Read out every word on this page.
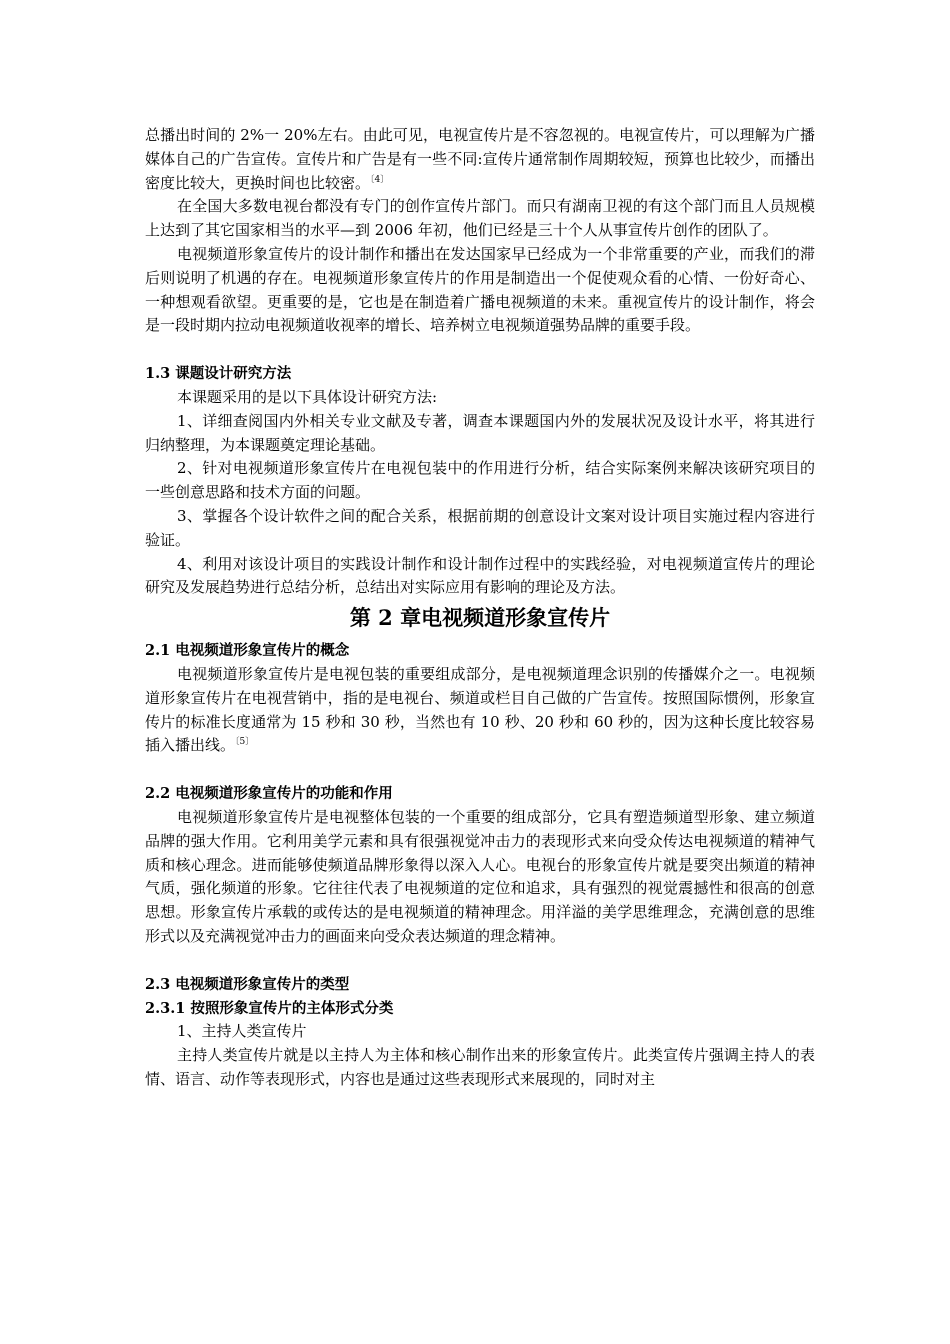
总播出时间的 2%一 20%左右。由此可见，电视宣传片是不容忽视的。电视宣传片，可以理解为广播媒体自己的广告宣传。宣传片和广告是有一些不同:宣传片通常制作周期较短，预算也比较少，而播出密度比较大，更换时间也比较密。$^{〔4〕}$

在全国大多数电视台都没有专门的创作宣传片部门。而只有湖南卫视的有这个部门而且人员规模上达到了其它国家相当的水平—到 2006 年初，他们已经是三十个人从事宣传片创作的团队了。

电视频道形象宣传片的设计制作和播出在发达国家早已经成为一个非常重要的产业，而我们的滞后则说明了机遇的存在。电视频道形象宣传片的作用是制造出一个促使观众看的心情、一份好奇心、一种想观看欲望。更重要的是，它也是在制造着广播电视频道的未来。重视宣传片的设计制作，将会是一段时期内拉动电视频道收视率的增长、培养树立电视频道强势品牌的重要手段。

1.3 课题设计研究方法

本课题采用的是以下具体设计研究方法:

1、详细查阅国内外相关专业文献及专著，调查本课题国内外的发展状况及设计水平，将其进行归纳整理，为本课题奠定理论基础。

2、针对电视频道形象宣传片在电视包装中的作用进行分析，结合实际案例来解决该研究项目的一些创意思路和技术方面的问题。

3、掌握各个设计软件之间的配合关系，根据前期的创意设计文案对设计项目实施过程内容进行验证。

4、利用对该设计项目的实践设计制作和设计制作过程中的实践经验，对电视频道宣传片的理论研究及发展趋势进行总结分析，总结出对实际应用有影响的理论及方法。

第 2 章电视频道形象宣传片
2.1 电视频道形象宣传片的概念

电视频道形象宣传片是电视包装的重要组成部分，是电视频道理念识别的传播媒介之一。电视频道形象宣传片在电视营销中，指的是电视台、频道或栏目自己做的广告宣传。按照国际惯例，形象宣传片的标准长度通常为 15 秒和 30 秒，当然也有 10 秒、20 秒和 60 秒的，因为这种长度比较容易插入播出线。$^{〔5〕}$

2.2 电视频道形象宣传片的功能和作用

电视频道形象宣传片是电视整体包装的一个重要的组成部分，它具有塑造频道型形象、建立频道品牌的强大作用。它利用美学元素和具有很强视觉冲击力的表现形式来向受众传达电视频道的精神气质和核心理念。进而能够使频道品牌形象得以深入人心。电视台的形象宣传片就是要突出频道的精神气质，强化频道的形象。它往往代表了电视频道的定位和追求，具有强烈的视觉震撼性和很高的创意思想。形象宣传片承载的或传达的是电视频道的精神理念。用洋溢的美学思维理念，充满创意的思维形式以及充满视觉冲击力的画面来向受众表达频道的理念精神。

2.3 电视频道形象宣传片的类型
2.3.1 按照形象宣传片的主体形式分类

1、主持人类宣传片

主持人类宣传片就是以主持人为主体和核心制作出来的形象宣传片。此类宣传片强调主持人的表情、语言、动作等表现形式，内容也是通过这些表现形式来展现的，同时对主
